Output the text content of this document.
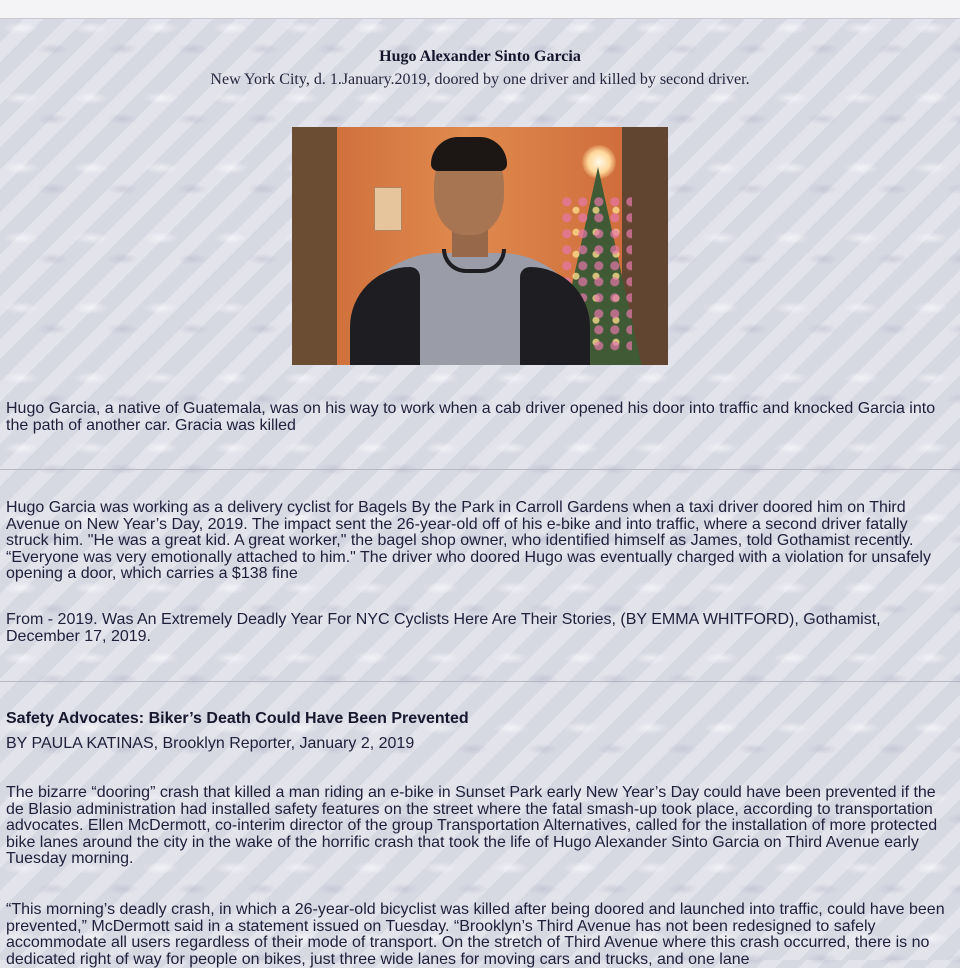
Hugo Alexander Sinto Garcia
New York City, d. 1.January.2019, doored by one driver and killed by second driver.

Hugo Garcia, a native of Guatemala, was on his way to work when a cab driver opened his door into traffic and knocked Garcia into the path of another car. Gracia was killed

Hugo Garcia was working as a delivery cyclist for Bagels By the Park in Carroll Gardens when a taxi driver doored him on Third Avenue on New Year’s Day, 2019. The impact sent the 26-year-old off of his e-bike and into traffic, where a second driver fatally struck him. "He was a great kid. A great worker," the bagel shop owner, who identified himself as James, told Gothamist recently. “Everyone was very emotionally attached to him." The driver who doored Hugo was eventually charged with a violation for unsafely opening a door, which carries a $138 fine

From - 2019. Was An Extremely Deadly Year For NYC Cyclists Here Are Their Stories, (BY EMMA WHITFORD), Gothamist, December 17, 2019.

Safety Advocates: Biker’s Death Could Have Been Prevented

BY PAULA KATINAS, Brooklyn Reporter, January 2, 2019

The bizarre “dooring” crash that killed a man riding an e-bike in Sunset Park early New Year’s Day could have been prevented if the de Blasio administration had installed safety features on the street where the fatal smash-up took place, according to transportation advocates. Ellen McDermott, co-interim director of the group Transportation Alternatives, called for the installation of more protected bike lanes around the city in the wake of the horrific crash that took the life of Hugo Alexander Sinto Garcia on Third Avenue early Tuesday morning.

“This morning’s deadly crash, in which a 26-year-old bicyclist was killed after being doored and launched into traffic, could have been prevented,” McDermott said in a statement issued on Tuesday. “Brooklyn’s Third Avenue has not been redesigned to safely accommodate all users regardless of their mode of transport. On the stretch of Third Avenue where this crash occurred, there is no dedicated right of way for people on bikes, just three wide lanes for moving cars and trucks, and one lane
